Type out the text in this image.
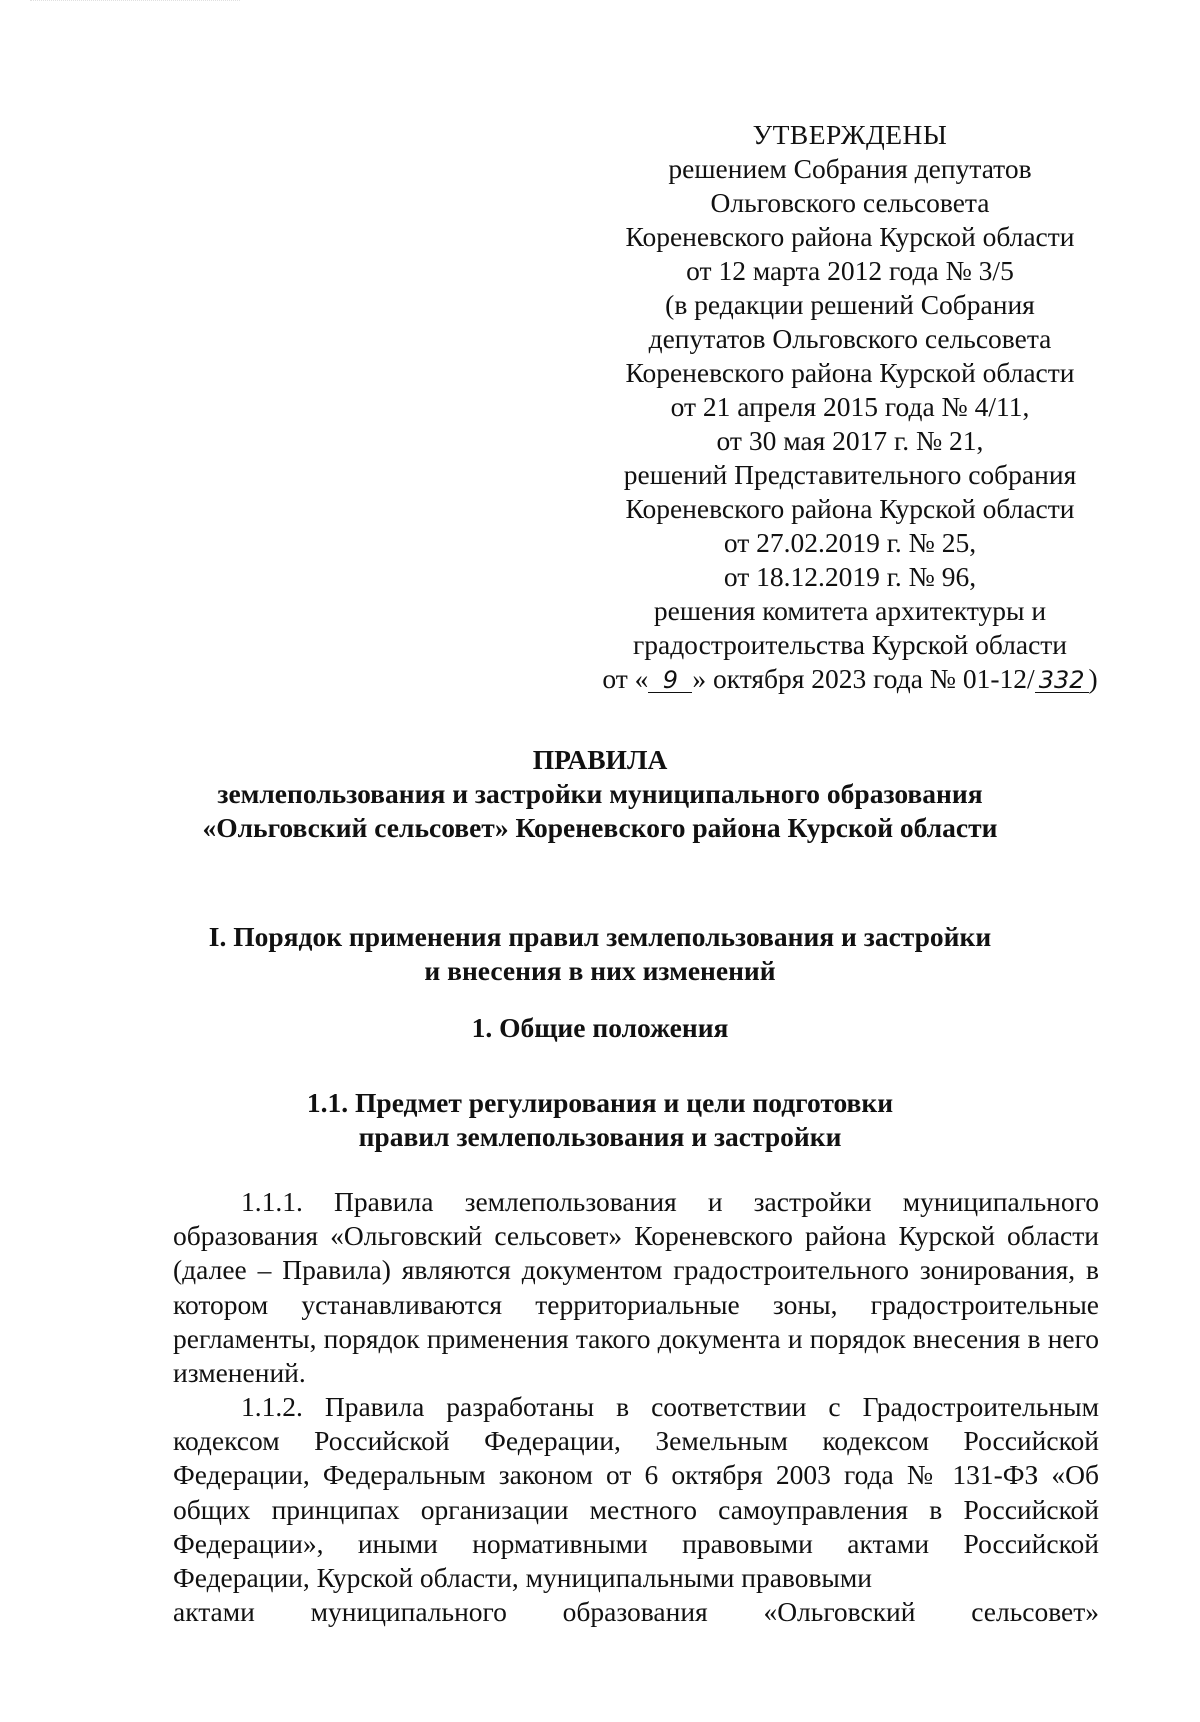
УТВЕРЖДЕНЫ
решением Собрания депутатов
Ольговского сельсовета
Кореневского района Курской области
от 12 марта 2012 года № 3/5
(в редакции решений Собрания
депутатов Ольговского сельсовета
Кореневского района Курской области
от 21 апреля 2015 года № 4/11,
от 30 мая 2017 г. № 21,
решений Представительного собрания
Кореневского района Курской области
от 27.02.2019 г. № 25,
от 18.12.2019 г. № 96,
решения комитета архитектуры и
градостроительства Курской области
от « 9 » октября 2023 года № 01-12/ 332 )
ПРАВИЛА
землепользования и застройки муниципального образования
«Ольговский сельсовет» Кореневского района Курской области
I. Порядок применения правил землепользования и застройки
и внесения в них изменений
1. Общие положения
1.1. Предмет регулирования и цели подготовки
правил землепользования и застройки

1.1.1. Правила землепользования и застройки муниципального образования «Ольговский сельсовет» Кореневского района Курской области (далее – Правила) являются документом градостроительного зонирования, в котором устанавливаются территориальные зоны, градостроительные регламенты, порядок применения такого документа и порядок внесения в него изменений.

1.1.2. Правила разработаны в соответствии с Градостроительным кодексом Российской Федерации, Земельным кодексом Российской Федерации, Федеральным законом от 6 октября 2003 года № 131-ФЗ «Об общих принципах организации местного самоуправления в Российской Федерации», иными нормативными правовыми актами Российской Федерации, Курской области, муниципальными правовыми

актами муниципального образования «Ольговский сельсовет»
